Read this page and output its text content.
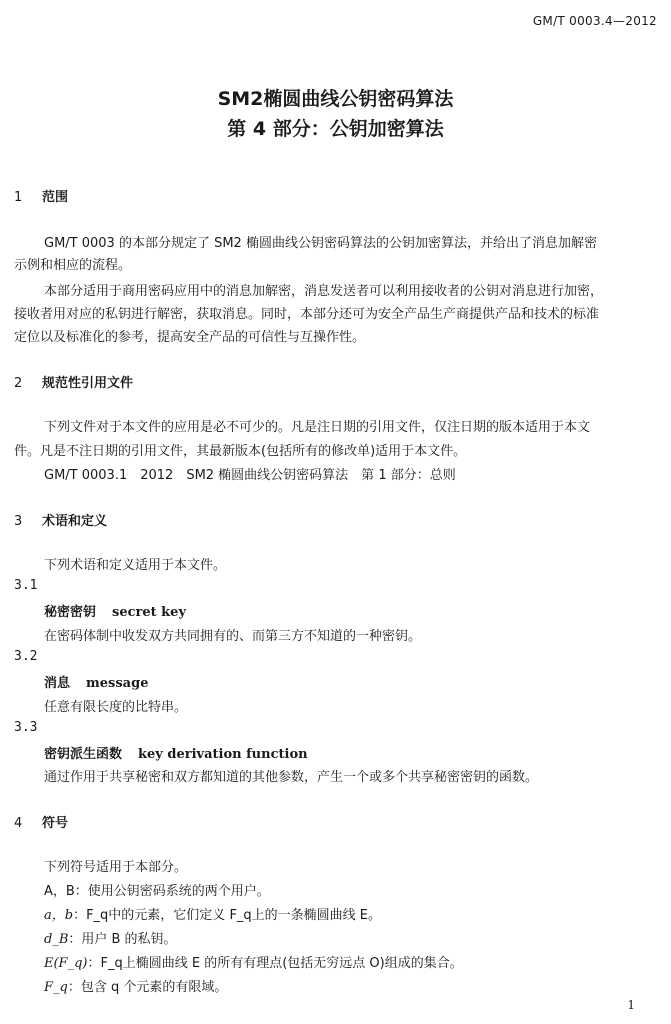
GM/T 0003.4—2012
SM2椭圆曲线公钥密码算法
第 4 部分：公钥加密算法
1 范围
GM/T 0003 的本部分规定了 SM2 椭圆曲线公钥密码算法的公钥加密算法，并给出了消息加解密
示例和相应的流程。
本部分适用于商用密码应用中的消息加解密，消息发送者可以利用接收者的公钥对消息进行加密，
接收者用对应的私钥进行解密，获取消息。同时，本部分还可为安全产品生产商提供产品和技术的标准
定位以及标准化的参考，提高安全产品的可信性与互操作性。
2 规范性引用文件
下列文件对于本文件的应用是必不可少的。凡是注日期的引用文件，仅注日期的版本适用于本文
件。凡是不注日期的引用文件，其最新版本(包括所有的修改单)适用于本文件。
GM/T 0003.1　2012　SM2 椭圆曲线公钥密码算法　第 1 部分：总则
3 术语和定义
下列术语和定义适用于本文件。
3.1
秘密密钥 secret key
在密码体制中收发双方共同拥有的、而第三方不知道的一种密钥。
3.2
消息 message
任意有限长度的比特串。
3.3
密钥派生函数 key derivation function
通过作用于共享秘密和双方都知道的其他参数，产生一个或多个共享秘密密钥的函数。
4 符号
下列符号适用于本部分。
A，B：使用公钥密码系统的两个用户。
a，b：F_q中的元素，它们定义 F_q上的一条椭圆曲线 E。
d_B：用户 B 的私钥。
E(F_q)：F_q上椭圆曲线 E 的所有有理点(包括无穷远点 O)组成的集合。
F_q：包含 q 个元素的有限域。
1
